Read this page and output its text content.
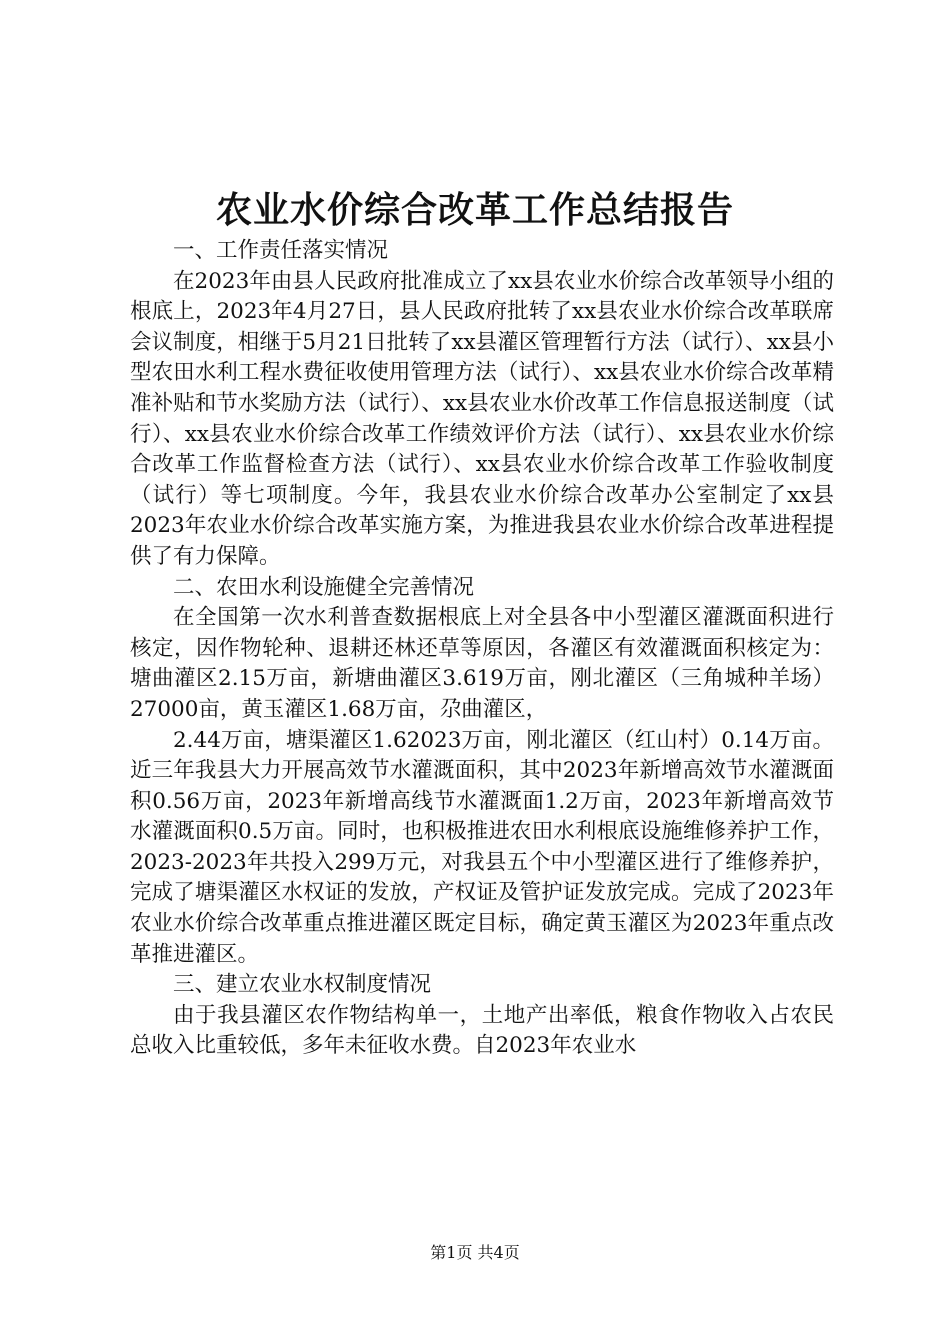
农业水价综合改革工作总结报告
一、工作责任落实情况

在2023年由县人民政府批准成立了xx县农业水价综合改革领导小组的根底上，2023年4月27日，县人民政府批转了xx县农业水价综合改革联席会议制度，相继于5月21日批转了xx县灌区管理暂行方法（试行）、xx县小型农田水利工程水费征收使用管理方法（试行）、xx县农业水价综合改革精准补贴和节水奖励方法（试行）、xx县农业水价改革工作信息报送制度（试行）、xx县农业水价综合改革工作绩效评价方法（试行）、xx县农业水价综合改革工作监督检查方法（试行）、xx县农业水价综合改革工作验收制度（试行）等七项制度。今年，我县农业水价综合改革办公室制定了xx县2023年农业水价综合改革实施方案，为推进我县农业水价综合改革进程提供了有力保障。

二、农田水利设施健全完善情况

在全国第一次水利普查数据根底上对全县各中小型灌区灌溉面积进行核定，因作物轮种、退耕还林还草等原因，各灌区有效灌溉面积核定为：塘曲灌区2.15万亩，新塘曲灌区3.619万亩，刚北灌区（三角城种羊场）27000亩，黄玉灌区1.68万亩，尕曲灌区，

2.44万亩，塘渠灌区1.62023万亩，刚北灌区（红山村）0.14万亩。近三年我县大力开展高效节水灌溉面积，其中2023年新增高效节水灌溉面积0.56万亩，2023年新增高线节水灌溉面1.2万亩，2023年新增高效节水灌溉面积0.5万亩。同时，也积极推进农田水利根底设施维修养护工作，2023-2023年共投入299万元，对我县五个中小型灌区进行了维修养护，完成了塘渠灌区水权证的发放，产权证及管护证发放完成。完成了2023年农业水价综合改革重点推进灌区既定目标，确定黄玉灌区为2023年重点改革推进灌区。

三、建立农业水权制度情况

由于我县灌区农作物结构单一，土地产出率低，粮食作物收入占农民总收入比重较低，多年未征收水费。自2023年农业水

第1页 共4页
